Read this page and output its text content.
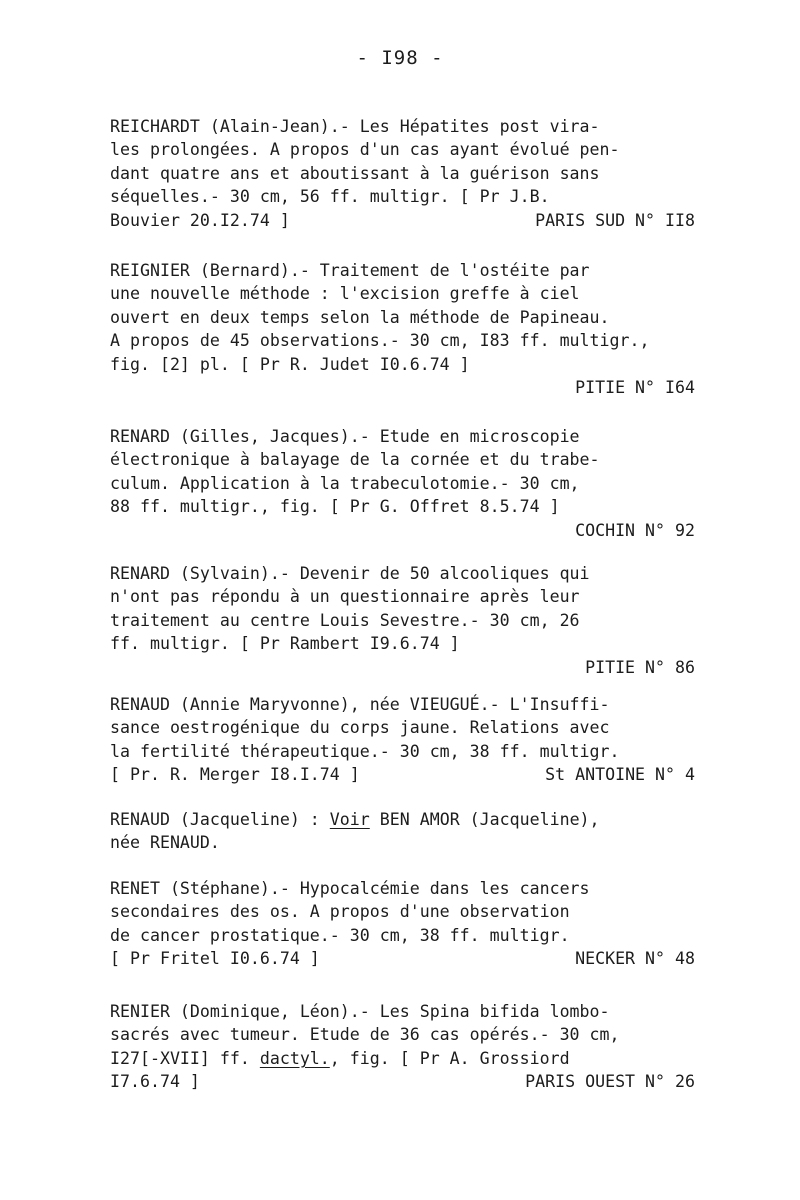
- I98 -
REICHARDT (Alain-Jean).- Les Hépatites post vira-
les prolongées. A propos d'un cas ayant évolué pen-
dant quatre ans et aboutissant à la guérison sans
séquelles.- 30 cm, 56 ff. multigr. [ Pr J.B.
Bouvier 20.I2.74 ]	PARIS SUD N° II8
REIGNIER (Bernard).- Traitement de l'ostéite par
une nouvelle méthode : l'excision greffe à ciel
ouvert en deux temps selon la méthode de Papineau.
A propos de 45 observations.- 30 cm, I83 ff. multigr.,
fig. [2] pl. [ Pr R. Judet I0.6.74 ]
PITIE N° I64
RENARD (Gilles, Jacques).- Etude en microscopie
électronique à balayage de la cornée et du trabe-
culum. Application à la trabeculotomie.- 30 cm,
88 ff. multigr., fig. [ Pr G. Offret 8.5.74 ]
COCHIN N° 92
RENARD (Sylvain).- Devenir de 50 alcooliques qui
n'ont pas répondu à un questionnaire après leur
traitement au centre Louis Sevestre.- 30 cm, 26
ff. multigr. [ Pr Rambert I9.6.74 ]
PITIE N° 86
RENAUD (Annie Maryvonne), née VIEUGUÉ.- L'Insuffi-
sance oestrogénique du corps jaune. Relations avec
la fertilité thérapeutique.- 30 cm, 38 ff. multigr.
[ Pr. R. Merger I8.I.74 ]	St ANTOINE N° 4
RENAUD (Jacqueline) : Voir BEN AMOR (Jacqueline),
née RENAUD.
RENET (Stéphane).- Hypocalcémie dans les cancers
secondaires des os. A propos d'une observation
de cancer prostatique.- 30 cm, 38 ff. multigr.
[ Pr Fritel I0.6.74 ]	NECKER N° 48
RENIER (Dominique, Léon).- Les Spina bifida lombo-
sacrés avec tumeur. Etude de 36 cas opérés.- 30 cm,
I27[-XVII] ff. dactyl., fig. [ Pr A. Grossiord
I7.6.74 ]	PARIS OUEST N° 26
